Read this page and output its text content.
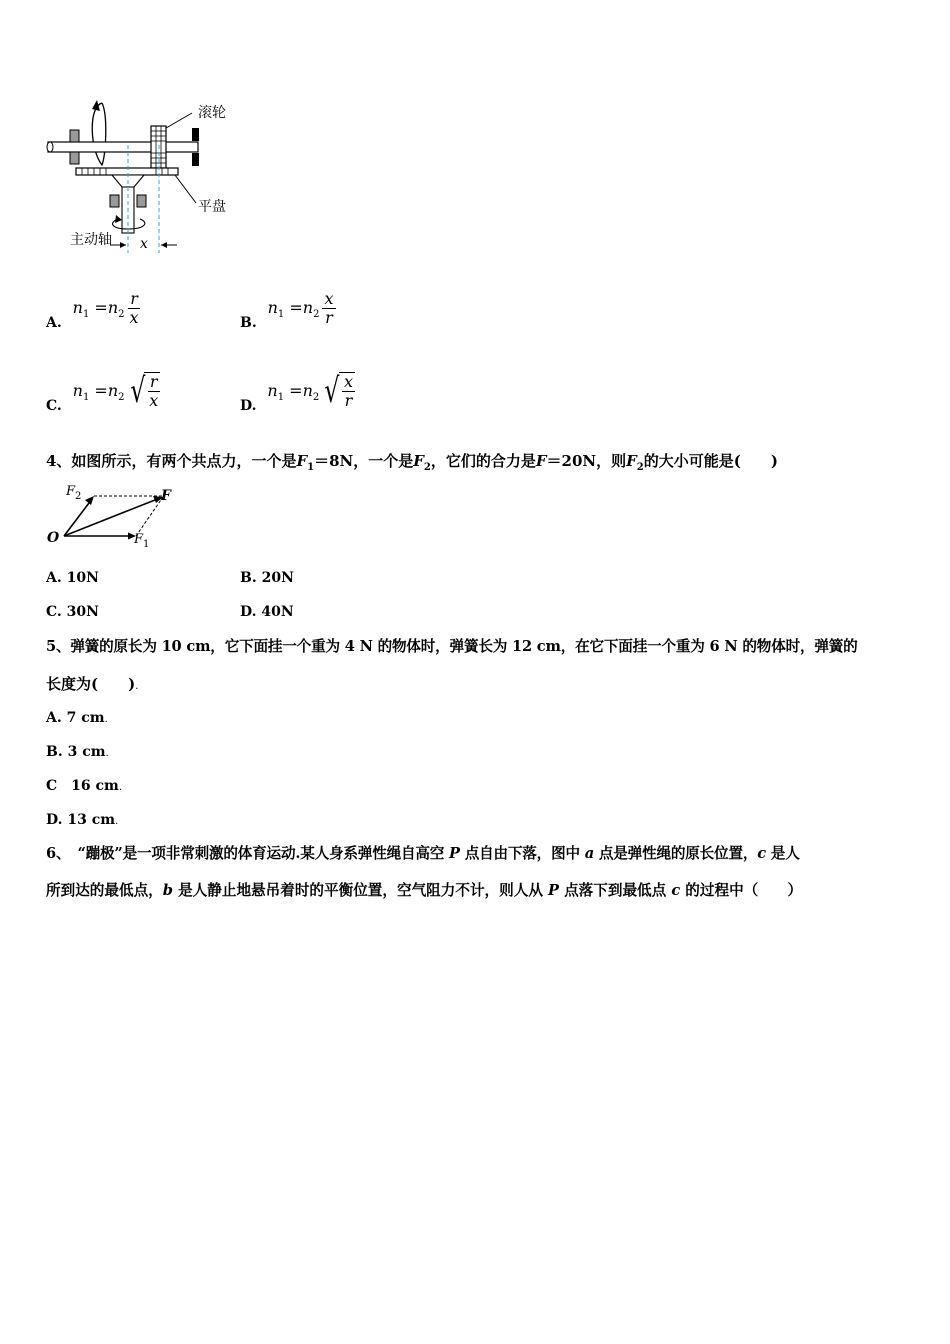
滚轮
平盘
主动轴 x
A. $n_1 =n_2 \frac{r}{x}$	B. $n_1 =n_2 \frac{x}{r}$
C. $n_1 =n_2$ √ $\frac{r}{x}$	D. $n_1 =n_2$ √ $\frac{x}{r}$
4、如图所示，有两个共点力，一个是$F_1=8N$，一个是$F_2$，它们的合力是F＝20N，则$F_2$的大小可能是(　　)
O	$F_1$
$F_2$	F
A. 10N	B. 20N
C. 30N	D. 40N
5、弹簧的原长为 10 cm，它下面挂一个重为 4 N 的物体时，弹簧长为 12 cm，在它下面挂一个重为 6 N 的物体时，弹簧的
长度为(　　).
A. 7 cm.
B. 3 cm.
C　16 cm.
D. 13 cm.
6、　“蹦极”是一项非常刺激的体育运动.某人身系弹性绳自高空 P 点自由下落，图中 a 点是弹性绳的原长位置，c 是人
所到达的最低点，b 是人静止地悬吊着时的平衡位置，空气阻力不计，则人从 P 点落下到最低点 c 的过程中（　　）
